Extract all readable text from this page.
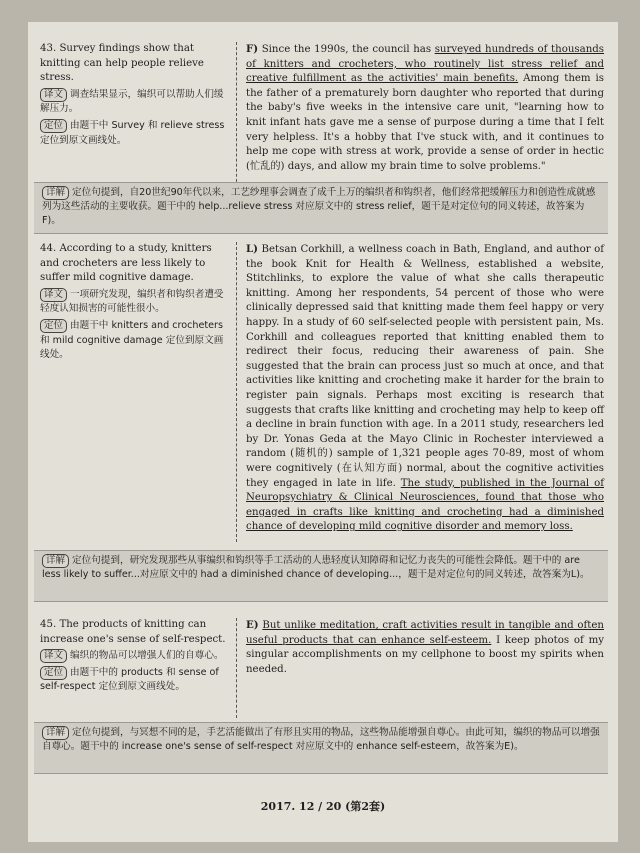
43. Survey findings show that knitting can help people relieve stress.
译文 调查结果显示，编织可以帮助人们缓解压力。
定位 由题干中 Survey 和 relieve stress 定位到原文画线处。
F) Since the 1990s, the council has surveyed hundreds of thousands of knitters and crocheters, who routinely list stress relief and creative fulfillment as the activities' main benefits. Among them is the father of a prematurely born daughter who reported that during the baby's five weeks in the intensive care unit, "learning how to knit infant hats gave me a sense of purpose during a time that I felt very helpless. It's a hobby that I've stuck with, and it continues to help me cope with stress at work, provide a sense of order in hectic (忙乱的) days, and allow my brain time to solve problems."
详解 定位句提到，自20世纪90年代以来，工艺纱理事会调查了成千上万的编织者和钩织者，他们经常把缓解压力和创造性成就感列为这些活动的主要收获。题干中的 help...relieve stress 对应原文中的 stress relief，题干是对定位句的同义转述，故答案为F)。
44. According to a study, knitters and crocheters are less likely to suffer mild cognitive damage.
译文 一项研究发现，编织者和钩织者遭受轻度认知损害的可能性很小。
定位 由题干中 knitters and crocheters 和 mild cognitive damage 定位到原文画线处。
L) Betsan Corkhill, a wellness coach in Bath, England, and author of the book Knit for Health & Wellness, established a website, Stitchlinks, to explore the value of what she calls therapeutic knitting. Among her respondents, 54 percent of those who were clinically depressed said that knitting made them feel happy or very happy. In a study of 60 self-selected people with persistent pain, Ms. Corkhill and colleagues reported that knitting enabled them to redirect their focus, reducing their awareness of pain. She suggested that the brain can process just so much at once, and that activities like knitting and crocheting make it harder for the brain to register pain signals. Perhaps most exciting is research that suggests that crafts like knitting and crocheting may help to keep off a decline in brain function with age. In a 2011 study, researchers led by Dr. Yonas Geda at the Mayo Clinic in Rochester interviewed a random (随机的) sample of 1,321 people ages 70-89, most of whom were cognitively (在认知方面) normal, about the cognitive activities they engaged in late in life. The study, published in the Journal of Neuropsychiatry & Clinical Neurosciences, found that those who engaged in crafts like knitting and crocheting had a diminished chance of developing mild cognitive disorder and memory loss.
详解 定位句提到，研究发现那些从事编织和钩织等手工活动的人患轻度认知障碍和记忆力丧失的可能性会降低。题干中的 are less likely to suffer...对应原文中的 had a diminished chance of developing...，题干是对定位句的同义转述，故答案为L)。
45. The products of knitting can increase one's sense of self-respect.
译文 编织的物品可以增强人们的自尊心。
定位 由题干中的 products 和 sense of self-respect 定位到原文画线处。
E) But unlike meditation, craft activities result in tangible and often useful products that can enhance self-esteem. I keep photos of my singular accomplishments on my cellphone to boost my spirits when needed.
详解 定位句提到，与冥想不同的是，手艺活能做出了有形且实用的物品，这些物品能增强自尊心。由此可知，编织的物品可以增强自尊心。题干中的 increase one's sense of self-respect 对应原文中的 enhance self-esteem，故答案为E)。
2017. 12 / 20 (第2套)
